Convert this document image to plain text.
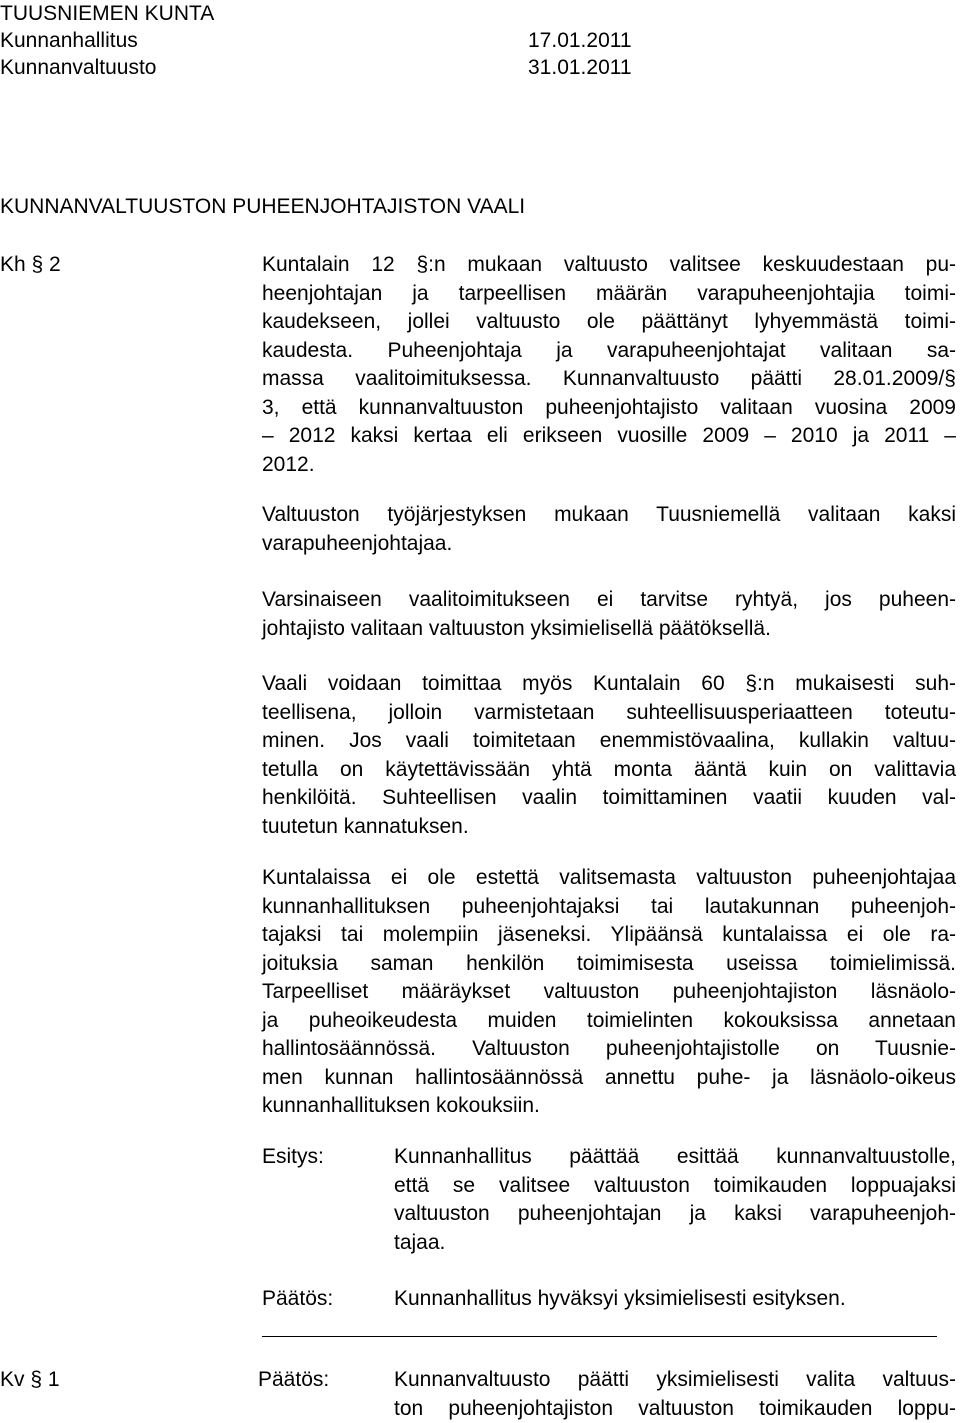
TUUSNIEMEN KUNTA
Kunnanhallitus	17.01.2011
Kunnanvaltuusto	31.01.2011
KUNNANVALTUUSTON PUHEENJOHTAJISTON VAALI
Kh § 2	Kuntalain 12 §:n mukaan valtuusto valitsee keskuudestaan pu-
heenjohtajan ja tarpeellisen määrän varapuheenjohtajia toimi-
kaudekseen, jollei valtuusto ole päättänyt lyhyemmästä toimi-
kaudesta. Puheenjohtaja ja varapuheenjohtajat valitaan sa-
massa vaalitoimituksessa. Kunnanvaltuusto päätti 28.01.2009/§
3, että kunnanvaltuuston puheenjohtajisto valitaan vuosina 2009
– 2012 kaksi kertaa eli erikseen vuosille 2009 – 2010 ja 2011 –
2012.
Valtuuston työjärjestyksen mukaan Tuusniemellä valitaan kaksi
varapuheenjohtajaa.
Varsinaiseen vaalitoimitukseen ei tarvitse ryhtyä, jos puheen-
johtajisto valitaan valtuuston yksimielisellä päätöksellä.
Vaali voidaan toimittaa myös Kuntalain 60 §:n mukaisesti suh-
teellisena, jolloin varmistetaan suhteellisuusperiaatteen toteutu-
minen. Jos vaali toimitetaan enemmistövaalina, kullakin valtuu-
tetulla on käytettävissään yhtä monta ääntä kuin on valittavia
henkilöitä. Suhteellisen vaalin toimittaminen vaatii kuuden val-
tuutetun kannatuksen.
Kuntalaissa ei ole estettä valitsemasta valtuuston puheenjohtajaa
kunnanhallituksen puheenjohtajaksi tai lautakunnan puheenjoh-
tajaksi tai molempiin jäseneksi. Ylipäänsä kuntalaissa ei ole ra-
joituksia saman henkilön toimimisesta useissa toimielimissä.
Tarpeelliset määräykset valtuuston puheenjohtajiston läsnäolo-
ja puheoikeudesta muiden toimielinten kokouksissa annetaan
hallintosäännössä. Valtuuston puheenjohtajistolle on Tuusnie-
men kunnan hallintosäännössä annettu puhe- ja läsnäolo-oikeus
kunnanhallituksen kokouksiin.
Esitys:	Kunnanhallitus päättää esittää kunnanvaltuustolle,
että se valitsee valtuuston toimikauden loppuajaksi
valtuuston puheenjohtajan ja kaksi varapuheenjoh-
tajaa.
Päätös:	Kunnanhallitus hyväksyi yksimielisesti esityksen.
Kv § 1	Päätös:	Kunnanvaltuusto päätti yksimielisesti valita valtuus-
ton puheenjohtajiston valtuuston toimikauden loppu-
